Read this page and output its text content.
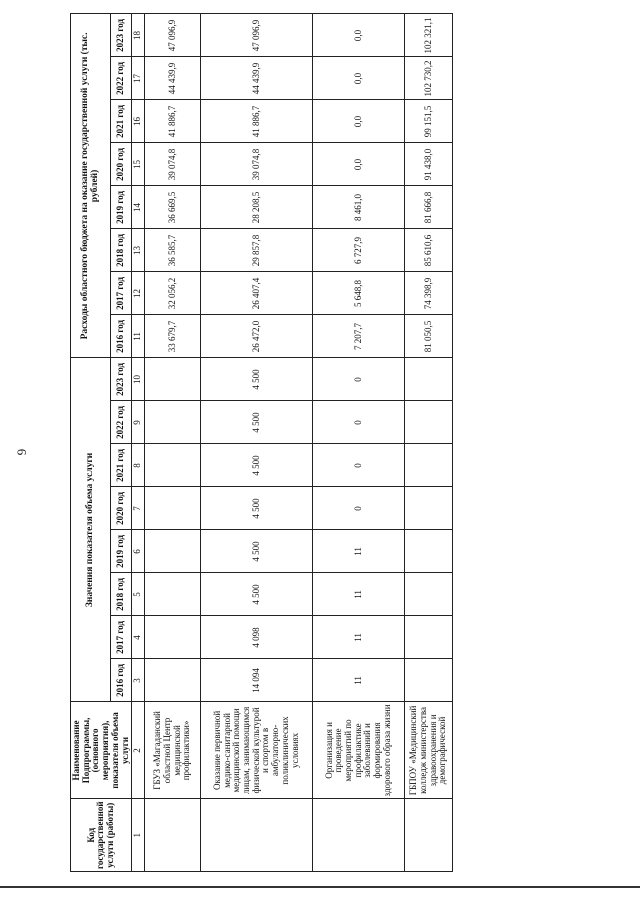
6
Код государственной услуги (работы)	Наименование Подпрограммы, (основного мероприятия), показателя объема услуги	Значения показателя объема услуги								Расходы областного бюджета на оказание государственной услуги (тыс. рублей)							
		2016 год	2017 год	2018 год	2019 год	2020 год	2021 год	2022 год	2023 год	2016 год	2017 год	2018 год	2019 год	2020 год	2021 год	2022 год	2023 год
1	2	3	4	5	6	7	8	9	10	11	12	13	14	15	16	17	18
	ГБУЗ «Магаданский областной Центр медицинской профилактики»									33 679,7	32 056,2	36 585,7	36 669,5	39 074,8	41 886,7	44 439,9	47 096,9
	Оказание первичной медико-санитарной медицинской помощи лицам, занимающимся физической культурой и спортом в амбулаторно-поликлинических условиях	14 094	4 098	4 500	4 500	4 500	4 500	4 500	4 500	26 472,0	26 407,4	29 857,8	28 208,5	39 074,8	41 886,7	44 439,9	47 096,9
	Организация и проведение мероприятий по профилактике заболеваний и формирования здорового образа жизни	11	11	11	11	0	0	0	0	7 207,7	5 648,8	6 727,9	8 461,0	0,0	0,0	0,0	0,0
	ГБПОУ «Медицинский колледж министерства здравоохранения и демографической									81 050,5	74 398,9	85 610,6	81 666,8	91 438,0	99 151,5	102 730,2	102 321,1
